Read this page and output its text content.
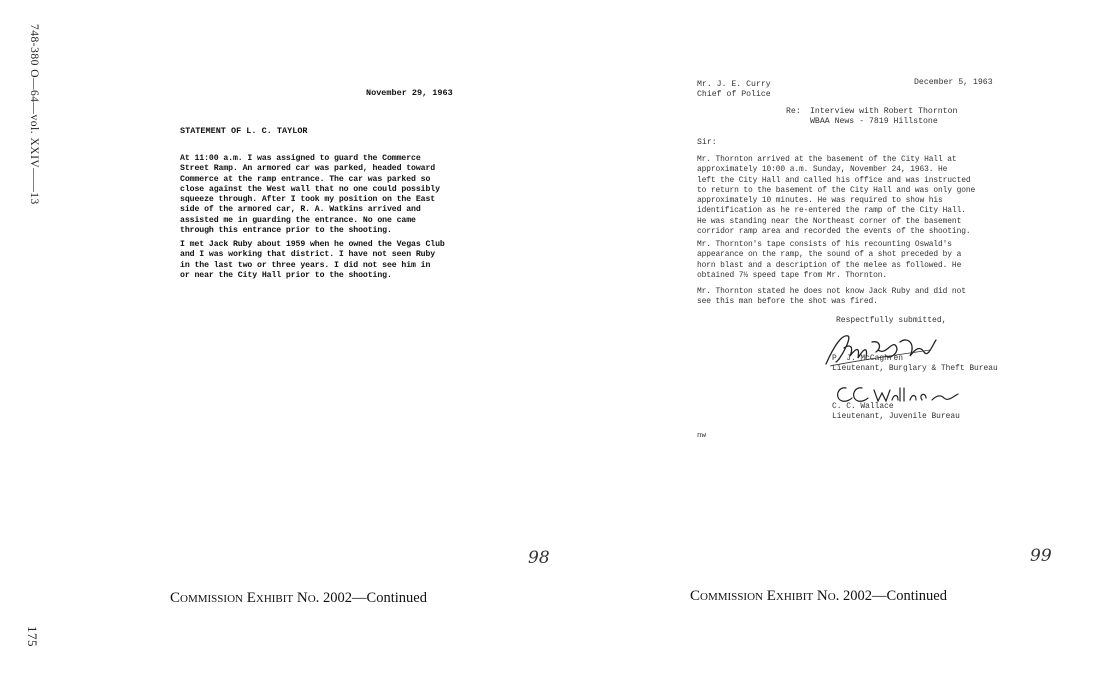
748-380 O—64—vol. XXIV——13
175
November 29, 1963
STATEMENT OF L. C. TAYLOR
At 11:00 a.m. I was assigned to guard the Commerce
Street Ramp. An armored car was parked, headed toward
Commerce at the ramp entrance. The car was parked so
close against the West wall that no one could possibly
squeeze through. After I took my position on the East
side of the armored car, R. A. Watkins arrived and
assisted me in guarding the entrance. No one came
through this entrance prior to the shooting.
I met Jack Ruby about 1959 when he owned the Vegas Club
and I was working that district. I have not seen Ruby
in the last two or three years. I did not see him in
or near the City Hall prior to the shooting.
98
Commission Exhibit No. 2002—Continued
Mr. J. E. Curry
Chief of Police
December 5, 1963
Re: Interview with Robert Thornton
WBAA News - 7819 Hillstone
Sir:
Mr. Thornton arrived at the basement of the City Hall at
approximately 10:00 a.m. Sunday, November 24, 1963. He
left the City Hall and called his office and was instructed
to return to the basement of the City Hall and was only gone
approximately 10 minutes. He was required to show his
identification as he re-entered the ramp of the City Hall.
He was standing near the Northeast corner of the basement
corridor ramp area and recorded the events of the shooting.
Mr. Thornton's tape consists of his recounting Oswald's
appearance on the ramp, the sound of a shot preceded by a
horn blast and a description of the melee as followed. He
obtained 7½ speed tape from Mr. Thornton.
Mr. Thornton stated he does not know Jack Ruby and did not
see this man before the shot was fired.
Respectfully submitted,
P. J. McCaghren
Lieutenant, Burglary & Theft Bureau
C. C. Wallace
Lieutenant, Juvenile Bureau
nw
99
Commission Exhibit No. 2002—Continued
